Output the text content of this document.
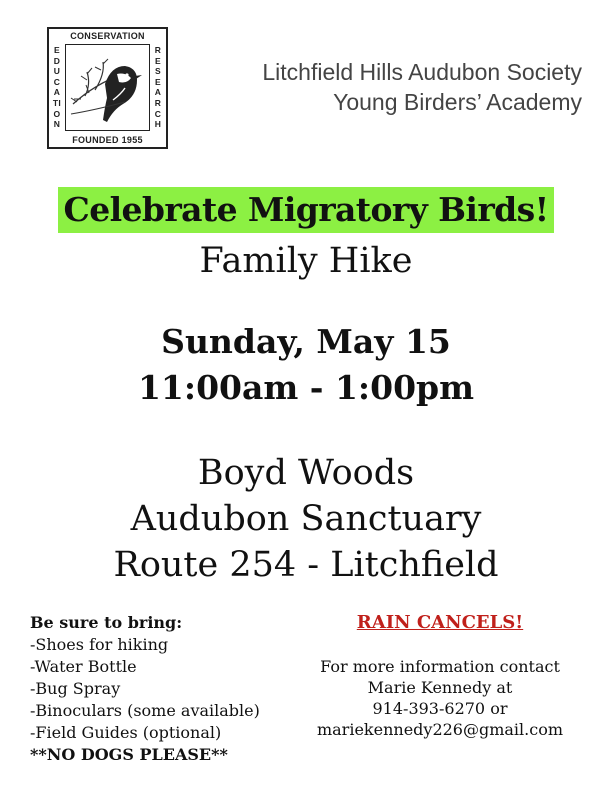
CONSERVATION
EDUCATION
RESEARCH
FOUNDED 1955
Litchfield Hills Audubon Society
Young Birders’ Academy
Celebrate Migratory Birds!
Family Hike
Sunday, May 15
11:00am - 1:00pm
Boyd Woods
Audubon Sanctuary
Route 254 - Litchfield
Be sure to bring:
-Shoes for hiking
-Water Bottle
-Bug Spray
-Binoculars (some available)
-Field Guides (optional)
**NO DOGS PLEASE**
RAIN CANCELS!
For more information contact
Marie Kennedy at
914-393-6270 or
mariekennedy226@gmail.com
